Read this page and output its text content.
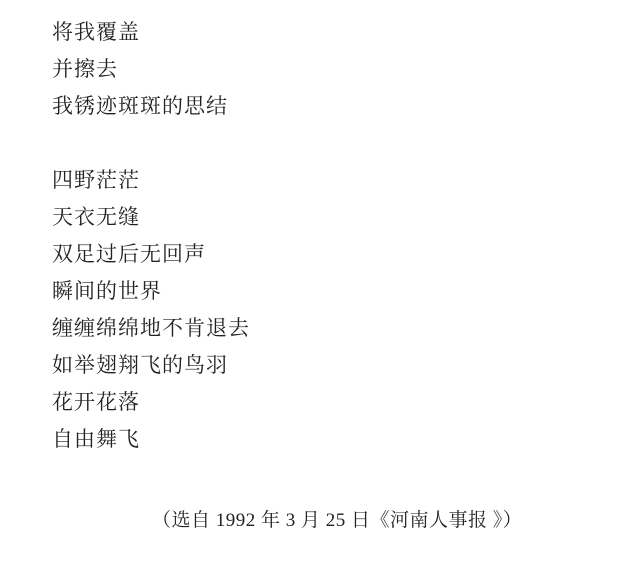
将我覆盖
并擦去
我锈迹斑斑的思结
四野茫茫
天衣无缝
双足过后无回声
瞬间的世界
缠缠绵绵地不肯退去
如举翅翔飞的鸟羽
花开花落
自由舞飞
（选自 1992 年 3 月 25 日《河南人事报 》）
